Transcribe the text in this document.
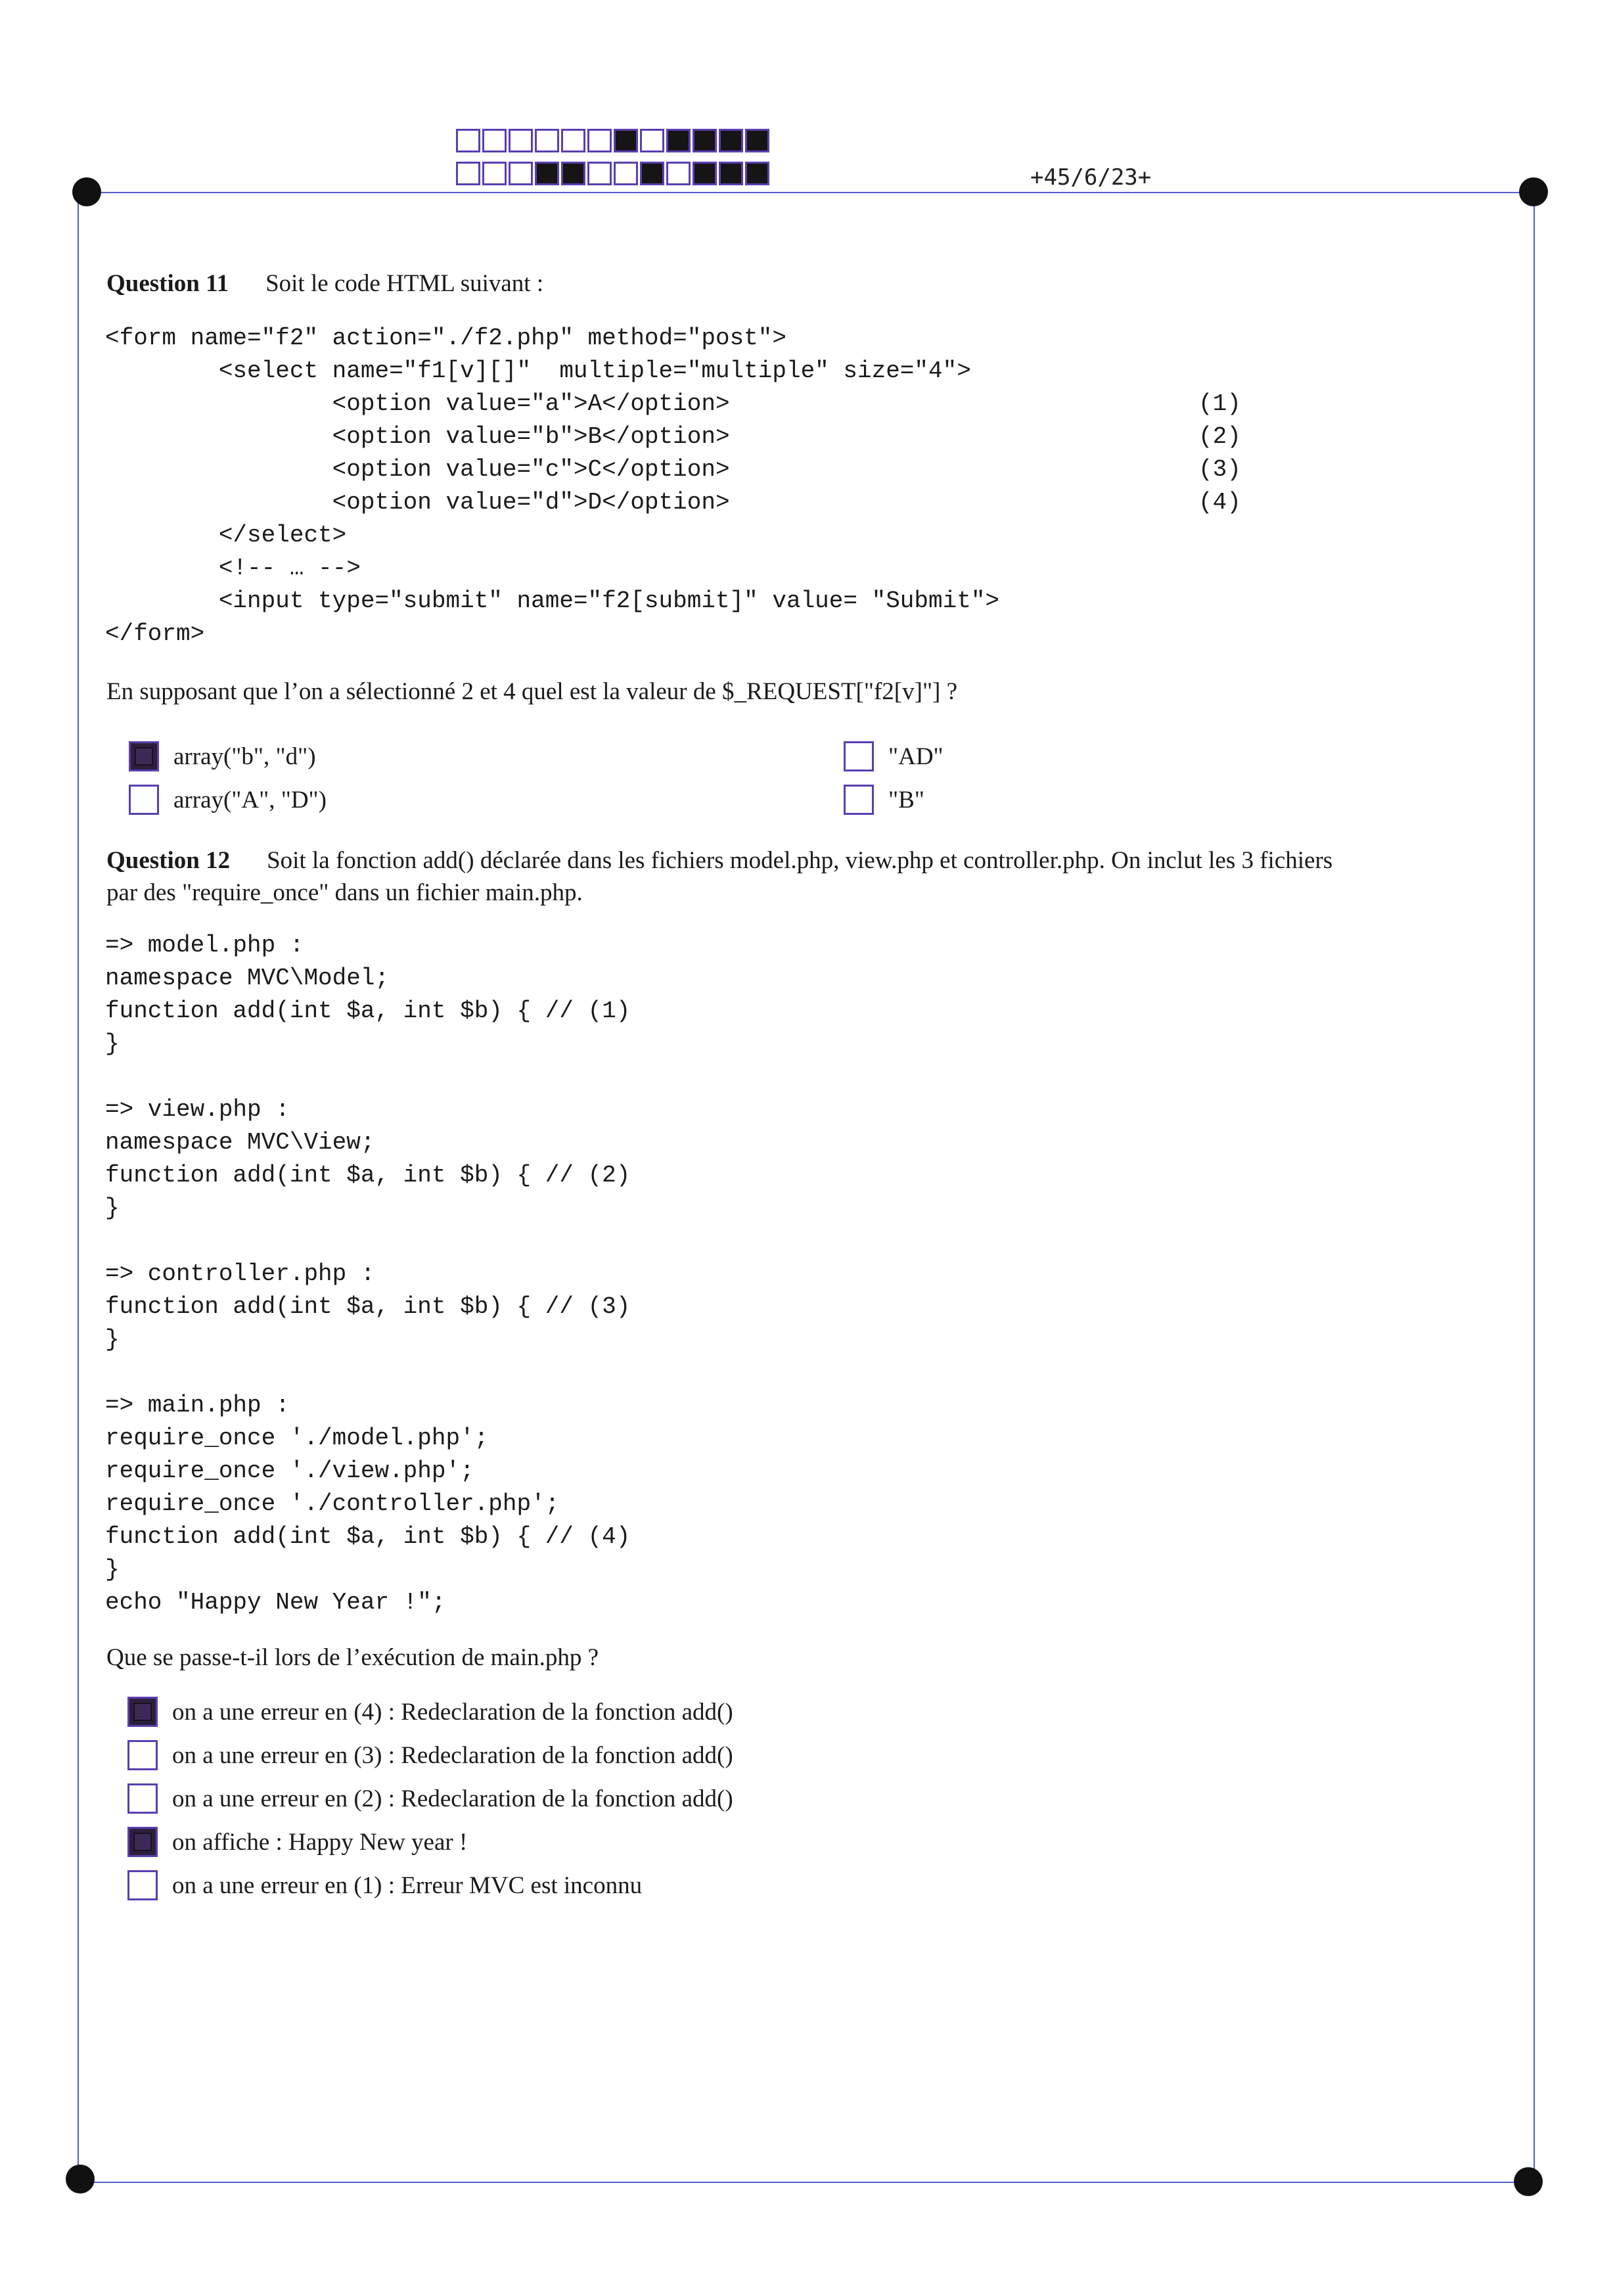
+45/6/23+
Question 11 Soit le code HTML suivant :
<form name="f2" action="./f2.php" method="post">
<select name="f1[v][]"  multiple="multiple" size="4">
<option value="a">A</option>
<option value="b">B</option>
<option value="c">C</option>
<option value="d">D</option>
</select>
<!-- … -->
<input type="submit" name="f2[submit]" value= "Submit">
</form>
(1)
(2)
(3)
(4)
En supposant que l’on a sélectionné 2 et 4 quel est la valeur de $_REQUEST["f2[v]"] ?
array("b", "d")	"AD"
array("A", "D")	"B"
Question 12 Soit la fonction add() déclarée dans les fichiers model.php, view.php et controller.php. On inclut les 3 fichiers
par des "require_once" dans un fichier main.php.
=> model.php :
namespace MVC\Model;
function add(int $a, int $b) { // (1)
}
=> view.php :
namespace MVC\View;
function add(int $a, int $b) { // (2)
}
=> controller.php :
function add(int $a, int $b) { // (3)
}
=> main.php :
require_once './model.php';
require_once './view.php';
require_once './controller.php';
function add(int $a, int $b) { // (4)
}
echo "Happy New Year !";
Que se passe-t-il lors de l’exécution de main.php ?
on a une erreur en (4) : Redeclaration de la fonction add()
on a une erreur en (3) : Redeclaration de la fonction add()
on a une erreur en (2) : Redeclaration de la fonction add()
on affiche : Happy New year !
on a une erreur en (1) : Erreur MVC est inconnu
